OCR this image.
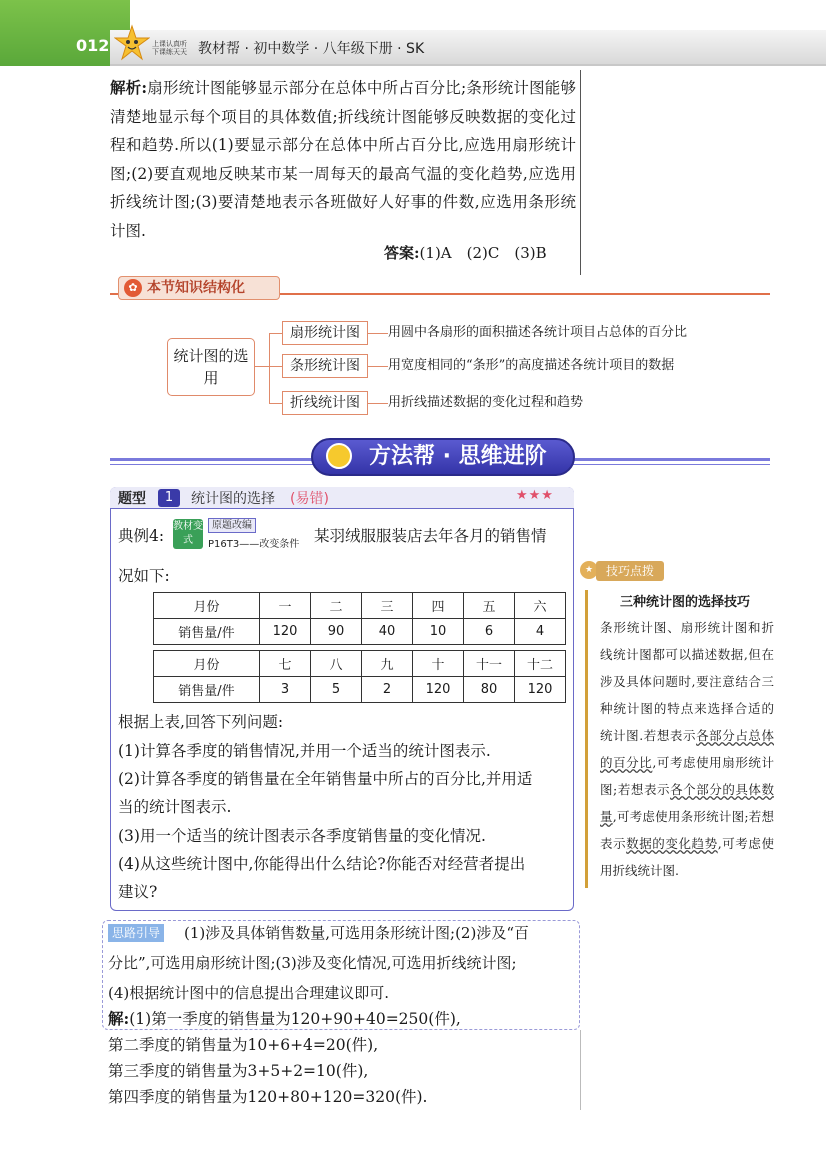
012	上课认真听 下课练天天 教材帮 · 初中数学 · 八年级下册 · SK
解析:扇形统计图能够显示部分在总体中所占百分比;条形统计图能够清楚地显示每个项目的具体数值;折线统计图能够反映数据的变化过程和趋势.所以(1)要显示部分在总体中所占百分比,应选用扇形统计图;(2)要直观地反映某市某一周每天的最高气温的变化趋势,应选用折线统计图;(3)要清楚地表示各班做好人好事的件数,应选用条形统计图.
答案:(1)A　(2)C　(3)B
本节知识结构化
✿
统计图的选用
扇形统计图	用圆中各扇形的面积描述各统计项目占总体的百分比
条形统计图	用宽度相同的“条形”的高度描述各统计项目的数据
折线统计图	用折线描述数据的变化过程和趋势
方法帮 · 思维进阶
题型	1	统计图的选择 (易错)	★★★
典例4:
教材变式
原题改编
P16T3——改变条件 某羽绒服服装店去年各月的销售情
况如下:
月份	一	二	三	四	五	六
销售量/件	120	90	40	10	6	4
月份	七	八	九	十	十一	十二
销售量/件	3	5	2	120	80	120
根据上表,回答下列问题:
(1)计算各季度的销售情况,并用一个适当的统计图表示.
(2)计算各季度的销售量在全年销售量中所占的百分比,并用适
当的统计图表示.
(3)用一个适当的统计图表示各季度销售量的变化情况.
(4)从这些统计图中,你能得出什么结论?你能否对经营者提出
建议?
思路引导	(1)涉及具体销售数量,可选用条形统计图;(2)涉及“百
分比”,可选用扇形统计图;(3)涉及变化情况,可选用折线统计图;
(4)根据统计图中的信息提出合理建议即可.
解:(1)第一季度的销售量为120+90+40=250(件),
第二季度的销售量为10+6+4=20(件),
第三季度的销售量为3+5+2=10(件),
第四季度的销售量为120+80+120=320(件).
★	技巧点拨
三种统计图的选择技巧
条形统计图、扇形统计图和折线统计图都可以描述数据,但在涉及具体问题时,要注意结合三种统计图的特点来选择合适的统计图.若想表示各部分占总体的百分比,可考虑使用扇形统计图;若想表示各个部分的具体数量,可考虑使用条形统计图;若想表示数据的变化趋势,可考虑使用折线统计图.
